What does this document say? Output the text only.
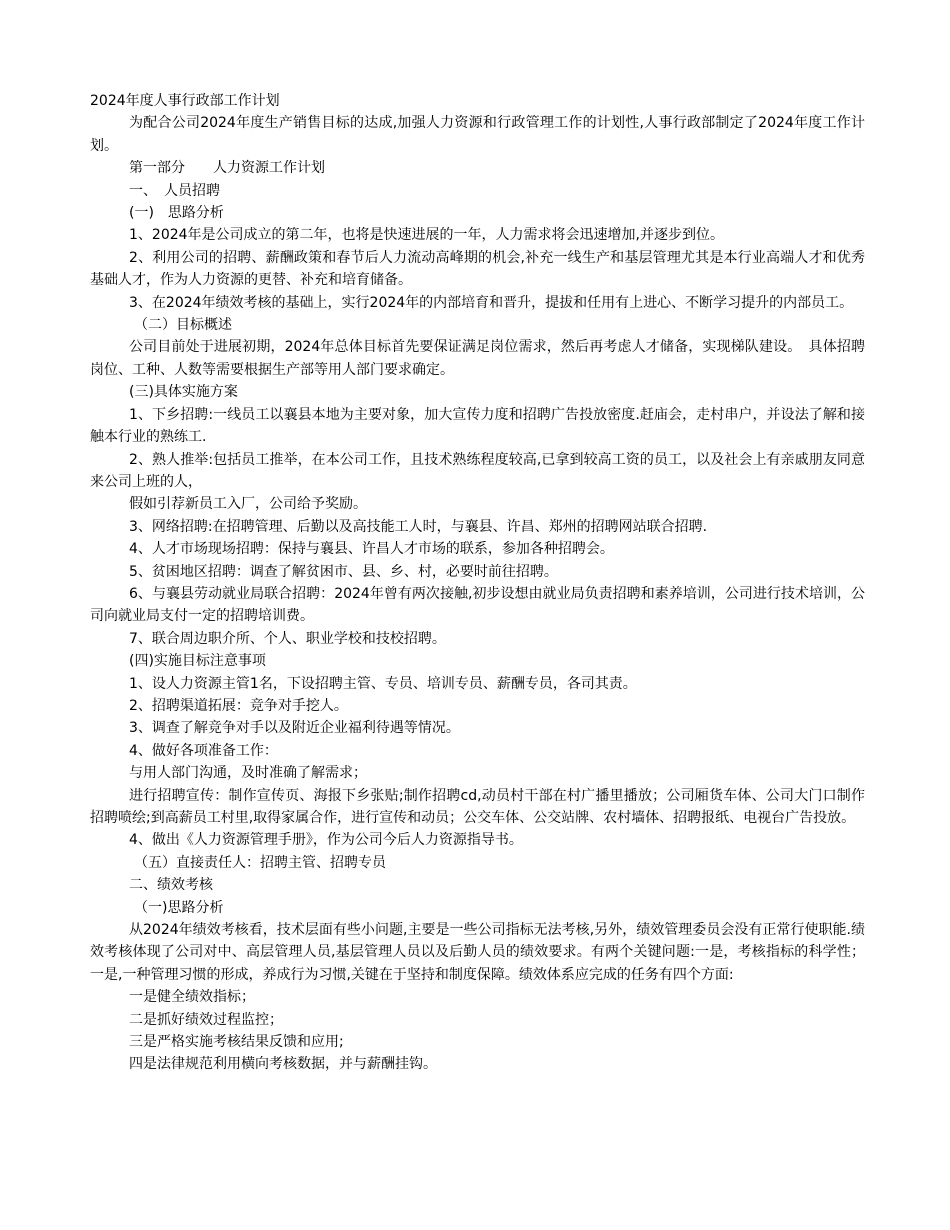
2024年度人事行政部工作计划

为配合公司2024年度生产销售目标的达成,加强人力资源和行政管理工作的计划性,人事行政部制定了2024年度工作计划。

第一部分　　人力资源工作计划

一、　人员招聘

(一)　思路分析

1、2024年是公司成立的第二年，也将是快速进展的一年，人力需求将会迅速增加,并逐步到位。

2、利用公司的招聘、薪酬政策和春节后人力流动高峰期的机会,补充一线生产和基层管理尤其是本行业高端人才和优秀基础人才，作为人力资源的更替、补充和培育储备。

3、在2024年绩效考核的基础上，实行2024年的内部培育和晋升，提拔和任用有上进心、不断学习提升的内部员工。

（二）目标概述

公司目前处于进展初期，2024年总体目标首先要保证满足岗位需求，然后再考虑人才储备，实现梯队建设。　具体招聘岗位、工种、人数等需要根据生产部等用人部门要求确定。

(三)具体实施方案

1、下乡招聘:一线员工以襄县本地为主要对象，加大宣传力度和招聘广告投放密度.赶庙会，走村串户，并设法了解和接触本行业的熟练工.

2、熟人推举:包括员工推举，在本公司工作，且技术熟练程度较高,已拿到较高工资的员工，以及社会上有亲戚朋友同意来公司上班的人，

假如引荐新员工入厂，公司给予奖励。

3、网络招聘:在招聘管理、后勤以及高技能工人时，与襄县、许昌、郑州的招聘网站联合招聘.

4、人才市场现场招聘：保持与襄县、许昌人才市场的联系，参加各种招聘会。

5、贫困地区招聘：调查了解贫困市、县、乡、村，必要时前往招聘。

6、与襄县劳动就业局联合招聘：2024年曾有两次接触,初步设想由就业局负责招聘和素养培训，公司进行技术培训，公司向就业局支付一定的招聘培训费。

7、联合周边职介所、个人、职业学校和技校招聘。

(四)实施目标注意事项

1、设人力资源主管1名，下设招聘主管、专员、培训专员、薪酬专员，各司其责。

2、招聘渠道拓展：竞争对手挖人。

3、调查了解竞争对手以及附近企业福利待遇等情况。

4、做好各项准备工作：

与用人部门沟通，及时准确了解需求；

进行招聘宣传：制作宣传页、海报下乡张贴;制作招聘cd,动员村干部在村广播里播放；公司厢货车体、公司大门口制作招聘喷绘;到高薪员工村里,取得家属合作，进行宣传和动员；公交车体、公交站牌、农村墙体、招聘报纸、电视台广告投放。

4、做出《人力资源管理手册》，作为公司今后人力资源指导书。

（五）直接责任人：招聘主管、招聘专员

二、绩效考核

（一)思路分析

从2024年绩效考核看，技术层面有些小问题,主要是一些公司指标无法考核,另外，绩效管理委员会没有正常行使职能.绩效考核体现了公司对中、高层管理人员,基层管理人员以及后勤人员的绩效要求。有两个关键问题:一是，考核指标的科学性；一是,一种管理习惯的形成，养成行为习惯,关键在于坚持和制度保障。绩效体系应完成的任务有四个方面:

一是健全绩效指标；

二是抓好绩效过程监控；

三是严格实施考核结果反馈和应用;

四是法律规范利用横向考核数据，并与薪酬挂钩。
